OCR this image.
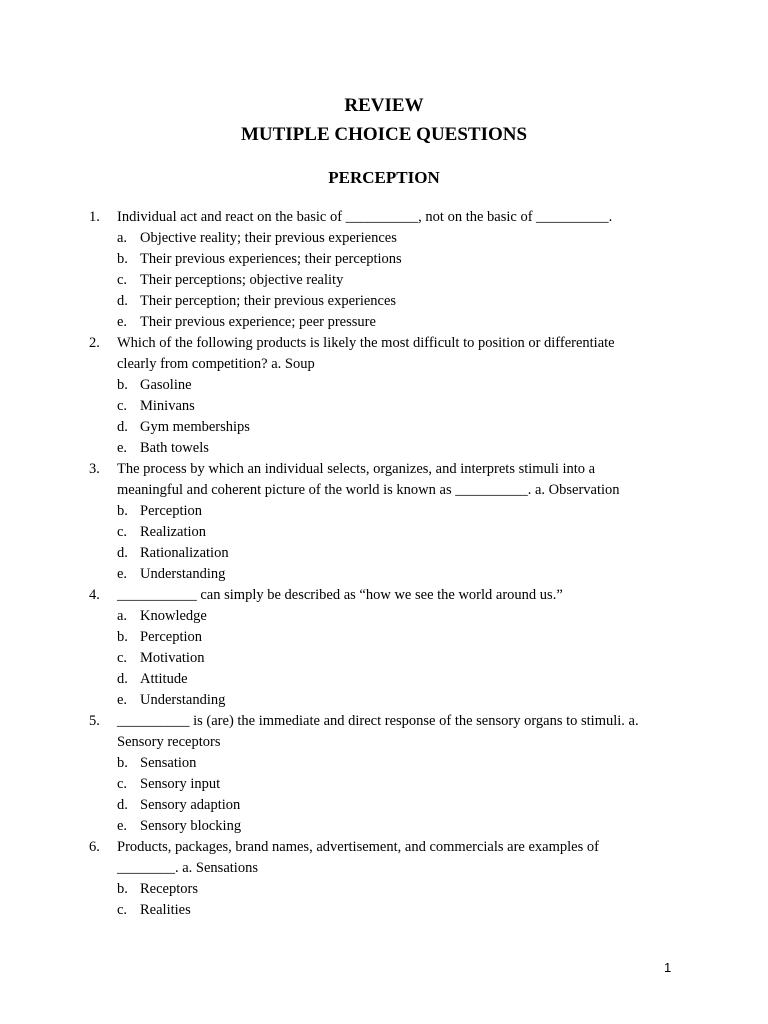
REVIEW
MUTIPLE CHOICE QUESTIONS
PERCEPTION
1. Individual act and react on the basic of __________, not on the basic of __________.
a. Objective reality; their previous experiences
b. Their previous experiences; their perceptions
c. Their perceptions; objective reality
d. Their perception; their previous experiences
e. Their previous experience; peer pressure
2. Which of the following products is likely the most difficult to position or differentiate clearly from competition? a. Soup
b. Gasoline
c. Minivans
d. Gym memberships
e. Bath towels
3. The process by which an individual selects, organizes, and interprets stimuli into a meaningful and coherent picture of the world is known as __________. a. Observation
b. Perception
c. Realization
d. Rationalization
e. Understanding
4. ___________ can simply be described as “how we see the world around us.”
a. Knowledge
b. Perception
c. Motivation
d. Attitude
e. Understanding
5. __________ is (are) the immediate and direct response of the sensory organs to stimuli. a. Sensory receptors
b. Sensation
c. Sensory input
d. Sensory adaption
e. Sensory blocking
6. Products, packages, brand names, advertisement, and commercials are examples of ________. a. Sensations
b. Receptors
c. Realities
1
